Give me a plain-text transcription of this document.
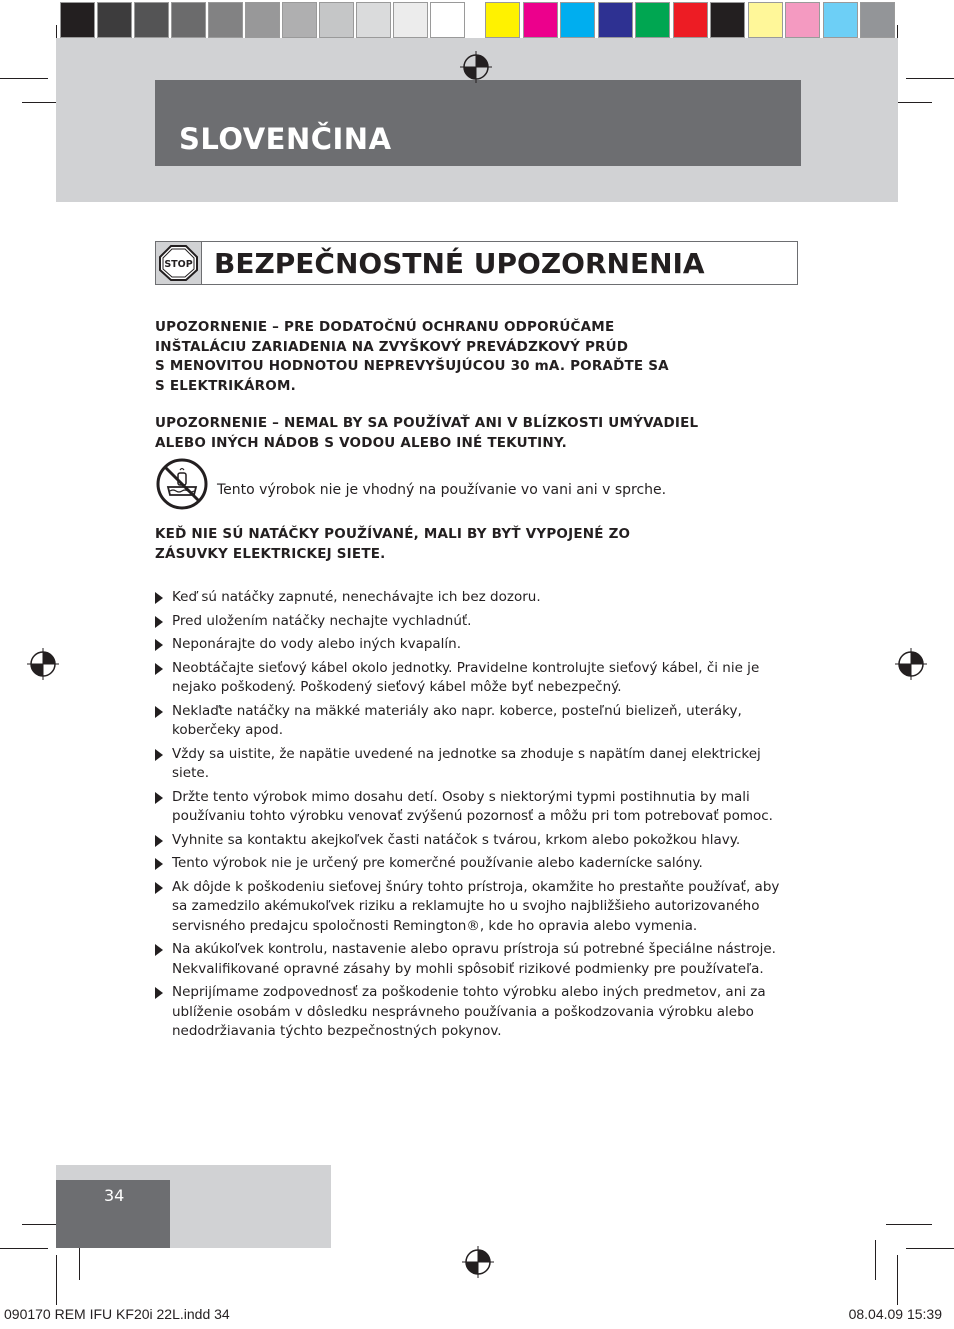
SLOVENČINA
STOP BEZPEČNOSTNÉ UPOZORNENIA

UPOZORNENIE – PRE DODATOČNÚ OCHRANU ODPORÚČAME

INŠTALÁCIU ZARIADENIA NA ZVYŠKOVÝ PREVÁDZKOVÝ PRÚD

S MENOVITOU HODNOTOU NEPREVYŠUJÚCOU 30 mA. PORAĎTE SA

S ELEKTRIKÁROM.

UPOZORNENIE – NEMAL BY SA POUŽÍVAŤ ANI V BLÍZKOSTI UMÝVADIEL

ALEBO INÝCH NÁDOB S VODOU ALEBO INÉ TEKUTINY.

Tento výrobok nie je vhodný na používanie vo vani ani v sprche.

KEĎ NIE SÚ NATÁČKY POUŽÍVANÉ, MALI BY BYŤ VYPOJENÉ ZO

ZÁSUVKY ELEKTRICKEJ SIETE.

Keď sú natáčky zapnuté, nenechávajte ich bez dozoru.
Pred uložením natáčky nechajte vychladnúť.
Neponárajte do vody alebo iných kvapalín.
Neobtáčajte sieťový kábel okolo jednotky. Pravidelne kontrolujte sieťový kábel, či nie je nejako poškodený. Poškodený sieťový kábel môže byť nebezpečný.
Neklaďte natáčky na mäkké materiály ako napr. koberce, posteľnú bielizeň, uteráky, koberčeky apod.
Vždy sa uistite, že napätie uvedené na jednotke sa zhoduje s napätím danej elektrickej siete.
Držte tento výrobok mimo dosahu detí. Osoby s niektorými typmi postihnutia by mali používaniu tohto výrobku venovať zvýšenú pozornosť a môžu pri tom potrebovať pomoc.
Vyhnite sa kontaktu akejkoľvek časti natáčok s tvárou, krkom alebo pokožkou hlavy.
Tento výrobok nie je určený pre komerčné používanie alebo kadernícke salóny.
Ak dôjde k poškodeniu sieťovej šnúry tohto prístroja, okamžite ho prestaňte používať, aby sa zamedzilo akémukoľvek riziku a reklamujte ho u svojho najbližšieho autorizovaného servisného predajcu spoločnosti Remington®, kde ho opravia alebo vymenia.
Na akúkoľvek kontrolu, nastavenie alebo opravu prístroja sú potrebné špeciálne nástroje. Nekvalifikované opravné zásahy by mohli spôsobiť rizikové podmienky pre používateľa.
Neprijímame zodpovednosť za poškodenie tohto výrobku alebo iných predmetov, ani za ublíženie osobám v dôsledku nesprávneho používania a poškodzovania výrobku alebo nedodržiavania týchto bezpečnostných pokynov.

34

090170 REM IFU KF20i 22L.indd 34	08.04.09 15:39
